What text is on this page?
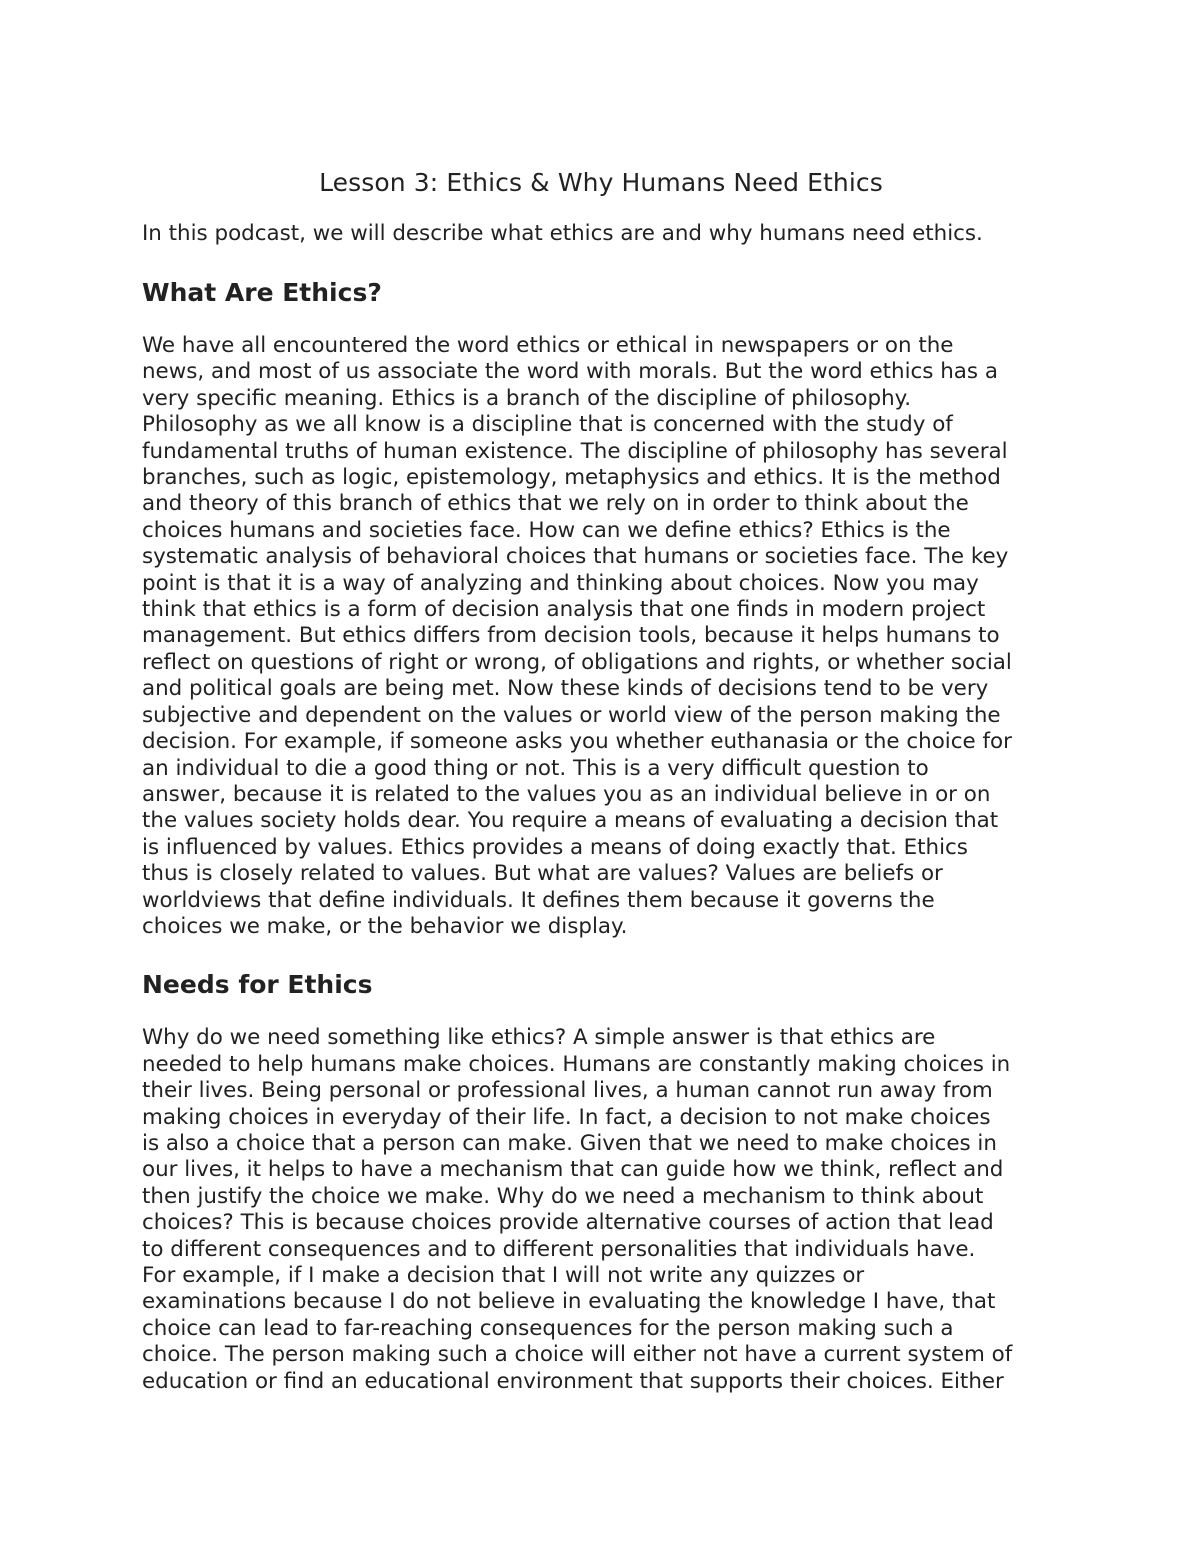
Lesson 3: Ethics & Why Humans Need Ethics

In this podcast, we will describe what ethics are and why humans need ethics.

What Are Ethics?

We have all encountered the word ethics or ethical in newspapers or on the
news, and most of us associate the word with morals. But the word ethics has a
very specific meaning. Ethics is a branch of the discipline of philosophy.
Philosophy as we all know is a discipline that is concerned with the study of
fundamental truths of human existence. The discipline of philosophy has several
branches, such as logic, epistemology, metaphysics and ethics. It is the method
and theory of this branch of ethics that we rely on in order to think about the
choices humans and societies face. How can we define ethics? Ethics is the
systematic analysis of behavioral choices that humans or societies face. The key
point is that it is a way of analyzing and thinking about choices. Now you may
think that ethics is a form of decision analysis that one finds in modern project
management. But ethics differs from decision tools, because it helps humans to
reflect on questions of right or wrong, of obligations and rights, or whether social
and political goals are being met. Now these kinds of decisions tend to be very
subjective and dependent on the values or world view of the person making the
decision. For example, if someone asks you whether euthanasia or the choice for
an individual to die a good thing or not. This is a very difficult question to
answer, because it is related to the values you as an individual believe in or on
the values society holds dear. You require a means of evaluating a decision that
is influenced by values. Ethics provides a means of doing exactly that. Ethics
thus is closely related to values. But what are values? Values are beliefs or
worldviews that define individuals. It defines them because it governs the
choices we make, or the behavior we display.

Needs for Ethics

Why do we need something like ethics? A simple answer is that ethics are
needed to help humans make choices. Humans are constantly making choices in
their lives. Being personal or professional lives, a human cannot run away from
making choices in everyday of their life. In fact, a decision to not make choices
is also a choice that a person can make. Given that we need to make choices in
our lives, it helps to have a mechanism that can guide how we think, reflect and
then justify the choice we make. Why do we need a mechanism to think about
choices? This is because choices provide alternative courses of action that lead
to different consequences and to different personalities that individuals have.
For example, if I make a decision that I will not write any quizzes or
examinations because I do not believe in evaluating the knowledge I have, that
choice can lead to far-reaching consequences for the person making such a
choice. The person making such a choice will either not have a current system of
education or find an educational environment that supports their choices. Either
